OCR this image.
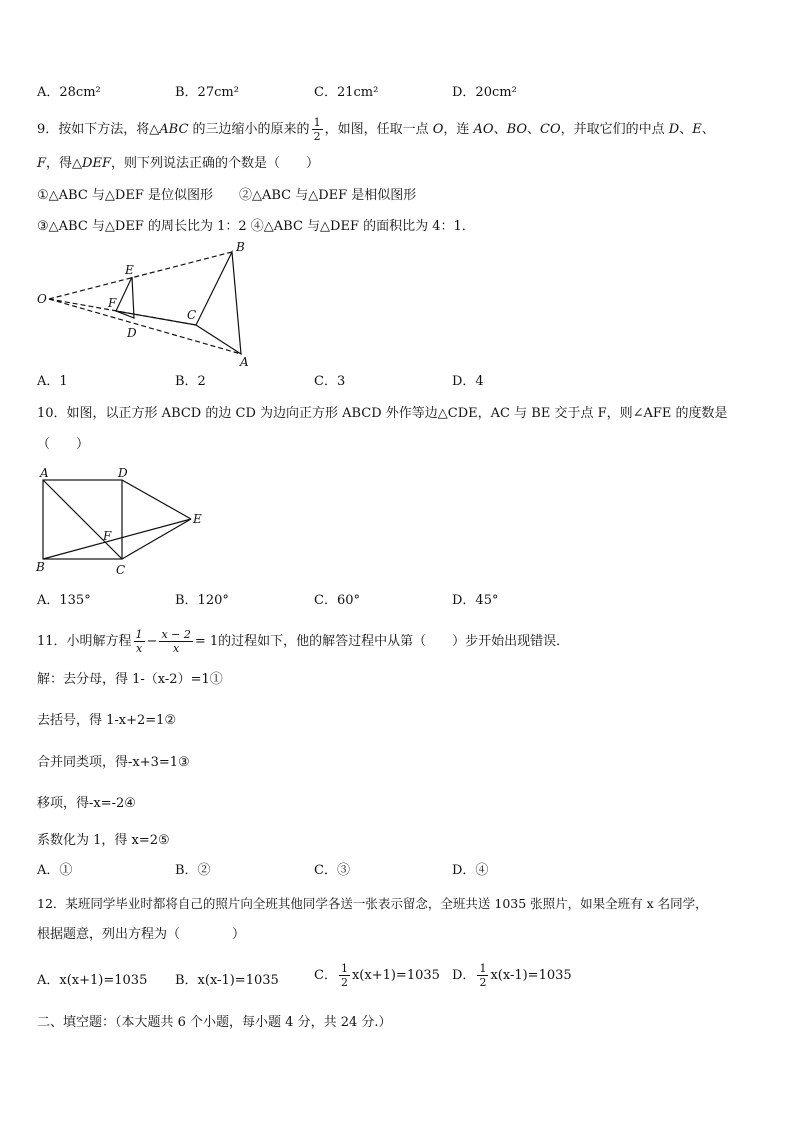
A．28cm²	B．27cm²	C．21cm²	D．20cm²
9．按如下方法，将△ABC 的三边缩小的原来的 $\frac{1}{2}$ ，如图，任取一点 O，连 AO、BO、CO，并取它们的中点 D、E、
F，得△DEF，则下列说法正确的个数是（　　）
①△ABC 与△DEF 是位似图形　　②△ABC 与△DEF 是相似图形
③△ABC 与△DEF 的周长比为 1：2 ④△ABC 与△DEF 的面积比为 4：1．
O
E
F
D
C
B
A
A．1	B．2	C．3	D．4
10．如图，以正方形 ABCD 的边 CD 为边向正方形 ABCD 外作等边△CDE，AC 与 BE 交于点 F，则∠AFE 的度数是
（　　）
A	D
E
F
B	C
A．135°	B．120°	C．60°	D．45°
11．小明解方程 $\frac{1}{x} - \frac{x - 2}{x} = 1$的过程如下，他的解答过程中从第（　　）步开始出现错误．
解：去分母，得 1-（x-2）=1①
去括号，得 1-x+2=1②
合并同类项，得-x+3=1③
移项，得-x=-2④
系数化为 1，得 x=2⑤
A．①	B．②	C．③	D．④
12．某班同学毕业时都将自己的照片向全班其他同学各送一张表示留念，全班共送 1035 张照片，如果全班有 x 名同学，
根据题意，列出方程为（　　　　）
A．x(x+1)=1035 B．x(x-1)=1035	C． $\frac{1}{2} x(x+1)=1035$ D． $\frac{1}{2} x(x-1)=1035$
二、填空题：（本大题共 6 个小题，每小题 4 分，共 24 分.）
